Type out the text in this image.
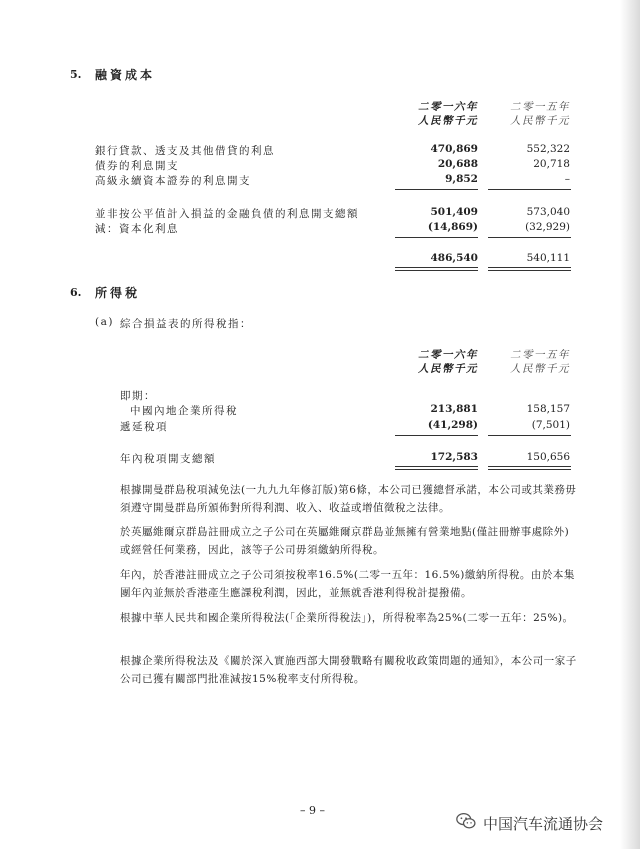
5. 融資成本
二零一六年
人民幣千元
二零一五年
人民幣千元
銀行貸款、透支及其他借貸的利息	470,869	552,322
債券的利息開支	20,688	20,718
高級永續資本證券的利息開支	9,852	–
並非按公平值計入損益的金融負債的利息開支總額	501,409	573,040
減：資本化利息	(14,869)	(32,929)
486,540	540,111
6. 所得稅
(a) 綜合損益表的所得稅指：
二零一六年
人民幣千元
二零一五年
人民幣千元
即期：
中國內地企業所得稅	213,881	158,157
遞延稅項	(41,298)	(7,501)
年內稅項開支總額	172,583	150,656
根據開曼群島稅項減免法(一九九九年修訂版)第6條，本公司已獲總督承諾，本公司或其業務毋須遵守開曼群島所頒佈對所得利潤、收入、收益或增值徵稅之法律。
於英屬維爾京群島註冊成立之子公司在英屬維爾京群島並無擁有營業地點(僅註冊辦事處除外)或經營任何業務，因此，該等子公司毋須繳納所得稅。
年內，於香港註冊成立之子公司須按稅率16.5%(二零一五年：16.5%)繳納所得稅。由於本集團年內並無於香港產生應課稅利潤，因此，並無就香港利得稅計提撥備。
根據中華人民共和國企業所得稅法(「企業所得稅法」)，所得稅率為25%(二零一五年：25%)。
根據企業所得稅法及《關於深入實施西部大開發戰略有關稅收政策問題的通知》，本公司一家子公司已獲有關部門批准減按15%稅率支付所得稅。
– 9 –
中国汽车流通协会
